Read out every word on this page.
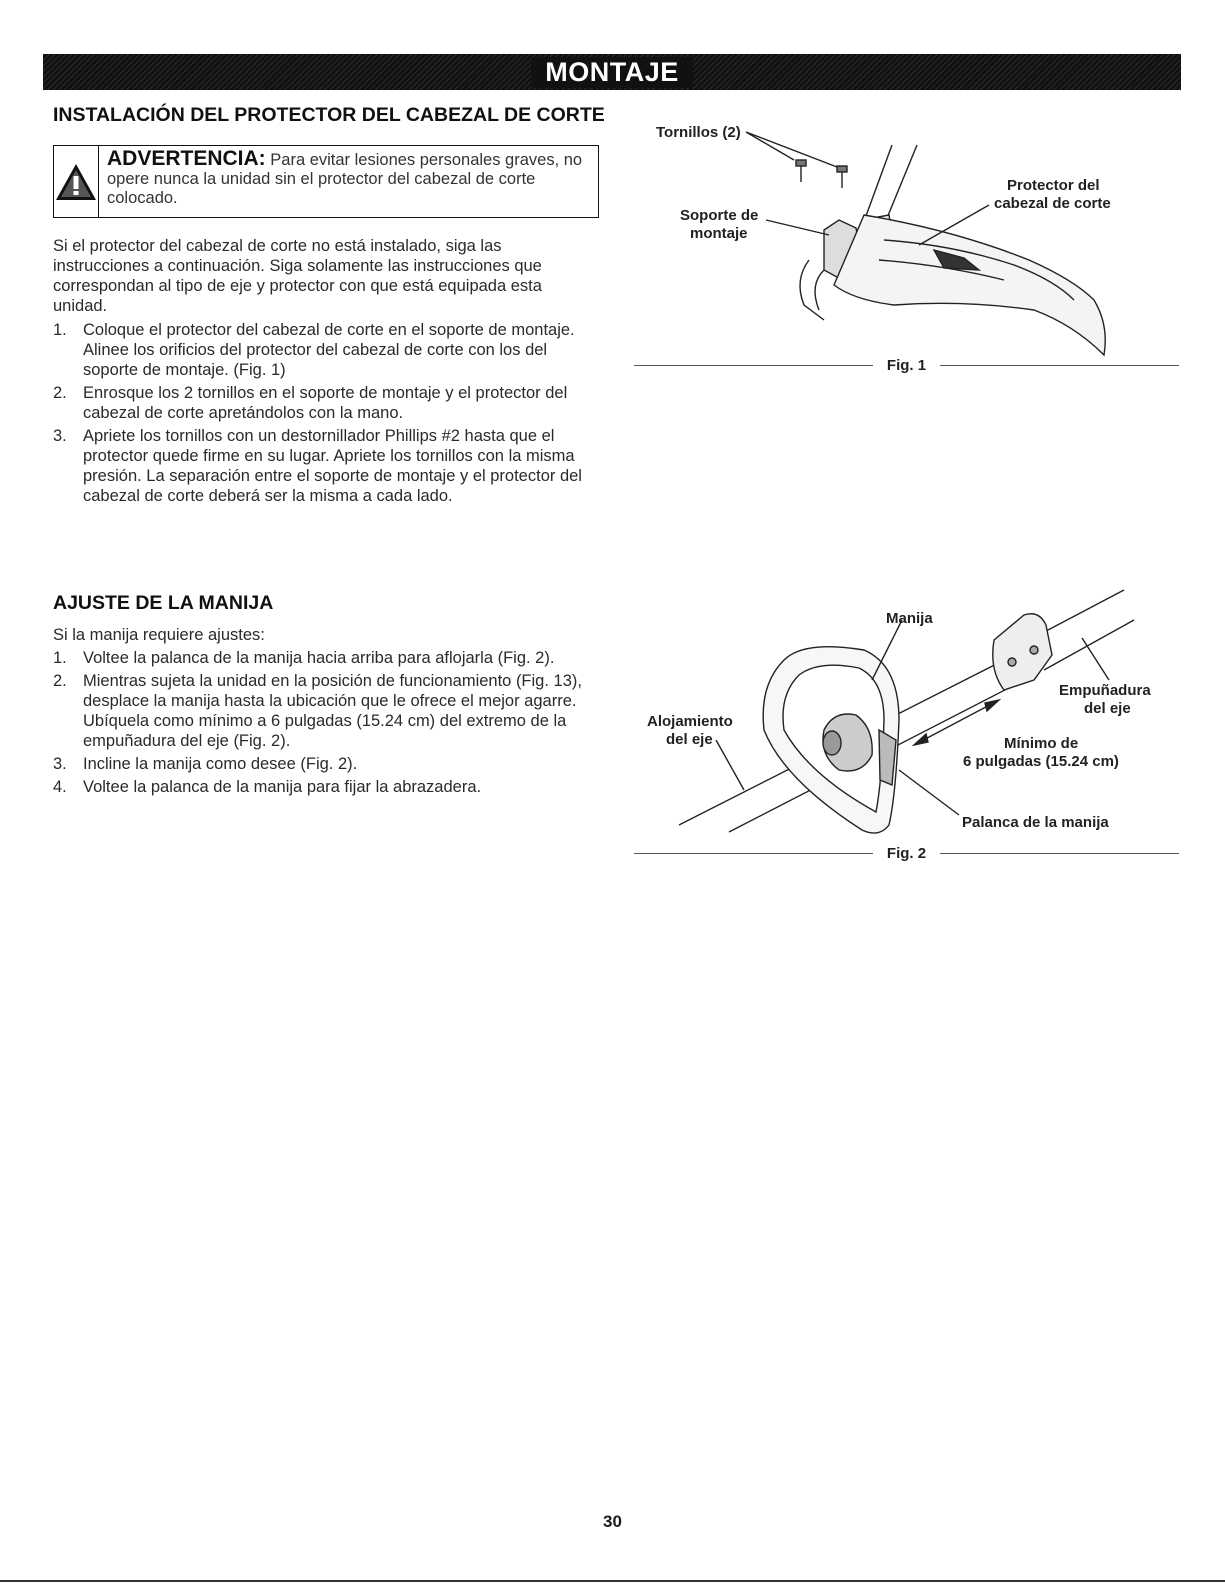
MONTAJE
INSTALACIÓN DEL PROTECTOR DEL CABEZAL DE CORTE
ADVERTENCIA: Para evitar lesiones personales graves, no opere nunca la unidad sin el protector del cabezal de corte colocado.

Si el protector del cabezal de corte no está instalado, siga las instrucciones a continuación. Siga solamente las instrucciones que correspondan al tipo de eje y protector con que está equipada esta unidad.

1. Coloque el protector del cabezal de corte en el soporte de montaje. Alinee los orificios del protector del cabezal de corte con los del soporte de montaje. (Fig. 1)
2. Enrosque los 2 tornillos en el soporte de montaje y el protector del cabezal de corte apretándolos con la mano.
3. Apriete los tornillos con un destornillador Phillips #2 hasta que el protector quede firme en su lugar. Apriete los tornillos con la misma presión. La separación entre el soporte de montaje y el protector del cabezal de corte deberá ser la misma a cada lado.
Tornillos (2)
Soporte de
montaje
Protector del
cabezal de corte
Fig. 1
AJUSTE DE LA MANIJA

Si la manija requiere ajustes:

1. Voltee la palanca de la manija hacia arriba para aflojarla (Fig. 2).
2. Mientras sujeta la unidad en la posición de funcionamiento (Fig. 13), desplace la manija hasta la ubicación que le ofrece el mejor agarre. Ubíquela como mínimo a 6 pulgadas (15.24 cm) del extremo de la empuñadura del eje (Fig. 2).
3. Incline la manija como desee (Fig. 2).
4. Voltee la palanca de la manija para fijar la abrazadera.
Manija
Alojamiento
del eje
Empuñadura
del eje
Mínimo de
6 pulgadas (15.24 cm)
Palanca de la manija
Fig. 2
30
